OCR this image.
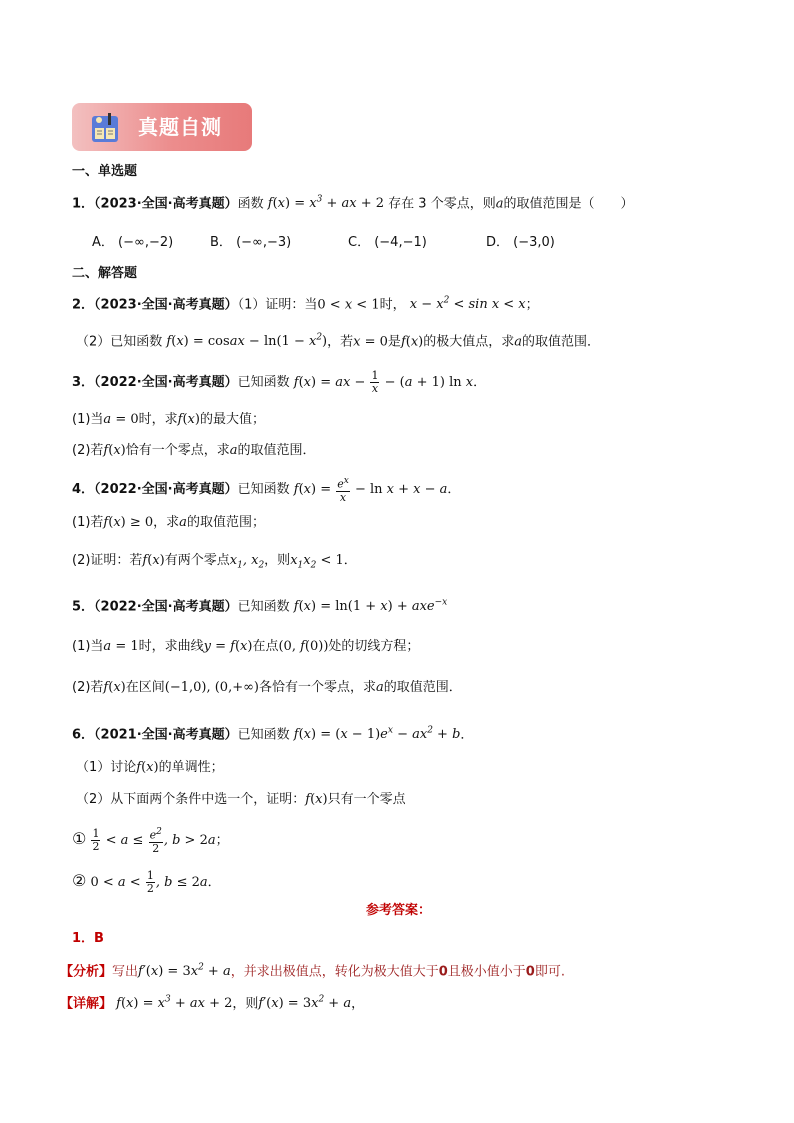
真题自测
一、单选题
1．（2023·全国·高考真题）函数 $f(x) = x^3$ + ax + 2 存在 3 个零点，则a的取值范围是（　　）
A． (−∞,−2)	B． (−∞,−3)	C． (−4,−1)	D． (−3,0)
二、解答题
2．（2023·全国·高考真题）（1）证明：当0 < x < 1时， $x - x^2 < \sin x < x$；
（2）已知函数 f(x) = cosax − $\ln(1 - x^2)$，若x = 0是f(x)的极大值点，求a的取值范围．
3．（2022·全国·高考真题）已知函数 f(x) = ax − $\frac{1}{x} - (a + 1)$ ln x．
(1)当a = 0时，求f(x)的最大值；
(2)若f(x)恰有一个零点，求a的取值范围．
4．（2022·全国·高考真题）已知函数 $f(x) = \frac{e^x}{x} - \ln x + x - a$．
(1)若f(x) ≥ 0，求a的取值范围；
(2)证明：若f(x)有两个零点$x_1$, $x_2$，则$x_1x_2 < 1$．
5．（2022·全国·高考真题）已知函数 f(x) = ln(1 + x) + axe$^{-x}$
(1)当a = 1时，求曲线y = f(x)在点(0, f(0))处的切线方程；
(2)若f(x)在区间(−1,0), (0,+∞)各恰有一个零点，求a的取值范围．
6．（2021·全国·高考真题）已知函数 $f(x) = (x - 1)e^x - ax^2 + b$．
（1）讨论f(x)的单调性；
（2）从下面两个条件中选一个，证明：f(x)只有一个零点
① $\frac{1}{2} < a \le \frac{e^2}{2}$ , b > 2a；
② $0 < a < \frac{1}{2}$ , b ≤ 2a．
参考答案：
1．B
【分析】写出$f'(x) = 3x^2 + a$，并求出极值点，转化为极大值大于0且极小值小于0即可.
【详解】 $f(x) = x^3$ + ax + 2，则$f'(x) = 3x^2 + a$，
